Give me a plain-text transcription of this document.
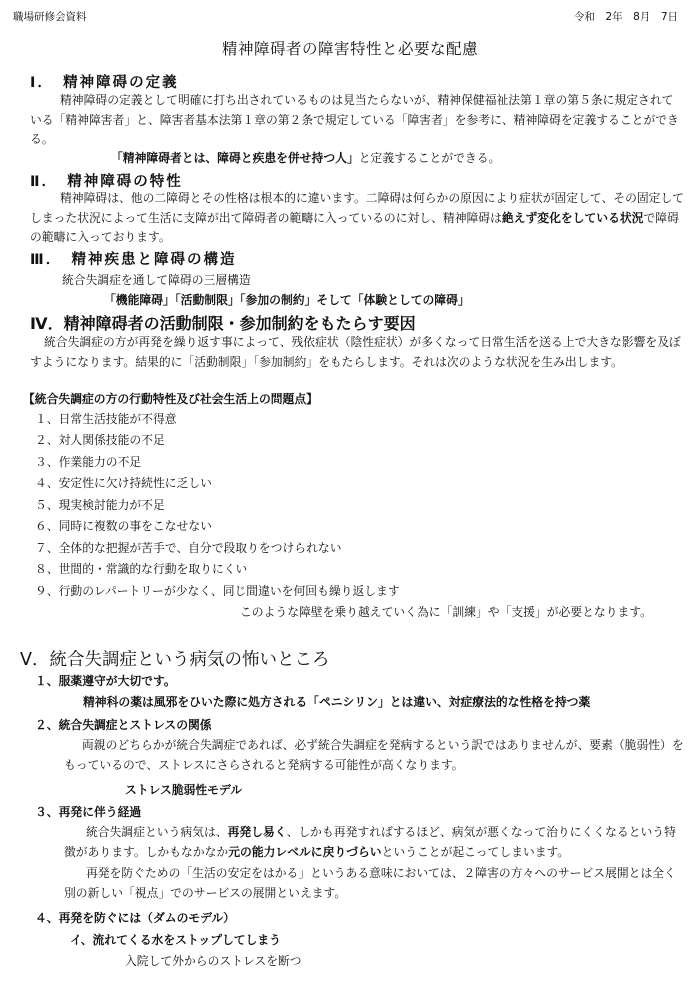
職場研修会資料	令和　2年　8月　7日
精神障碍者の障害特性と必要な配慮
Ⅰ．　精神障碍の定義
精神障碍の定義として明確に打ち出されているものは見当たらないが、精神保健福祉法第１章の第５条に規定されている「精神障害者」と、障害者基本法第１章の第２条で規定している「障害者」を参考に、精神障碍を定義することができる。
「精神障碍者とは、障碍と疾患を併せ持つ人」と定義することができる。
Ⅱ．　精神障碍の特性
精神障碍は、他の二障碍とその性格は根本的に違います。二障碍は何らかの原因により症状が固定して、その固定してしまった状況によって生活に支障が出て障碍者の範疇に入っているのに対し、精神障碍は絶えず変化をしている状況で障碍の範疇に入っております。
Ⅲ．　精神疾患と障碍の構造
統合失調症を通して障碍の三層構造
「機能障碍」「活動制限」「参加の制約」そして「体験としての障碍」
Ⅳ．精神障碍者の活動制限・参加制約をもたらす要因
統合失調症の方が再発を繰り返す事によって、残依症状（陰性症状）が多くなって日常生活を送る上で大きな影響を及ぼすようになります。結果的に「活動制限」「参加制約」をもたらします。それは次のような状況を生み出します。
【統合失調症の方の行動特性及び社会生活上の問題点】
１、日常生活技能が不得意
２、対人関係技能の不足
３、作業能力の不足
４、安定性に欠け持続性に乏しい
５、現実検討能力が不足
６、同時に複数の事をこなせない
７、全体的な把握が苦手で、自分で段取りをつけられない
８、世間的・常識的な行動を取りにくい
９、行動のレパートリーが少なく、同じ間違いを何回も繰り返します
このような障壁を乗り越えていく為に「訓練」や「支援」が必要となります。
Ⅴ．統合失調症という病気の怖いところ
１、服薬遵守が大切です。
精神科の薬は風邪をひいた際に処方される「ペニシリン」とは違い、対症療法的な性格を持つ薬
２、統合失調症とストレスの関係
両親のどちらかが統合失調症であれば、必ず統合失調症を発病するという訳ではありませんが、要素（脆弱性）をもっているので、ストレスにさらされると発病する可能性が高くなります。
ストレス脆弱性モデル
３、再発に伴う経過
統合失調症という病気は、再発し易く、しかも再発すればするほど、病気が悪くなって治りにくくなるという特徴があります。しかもなかなか元の能力レベルに戻りづらいということが起こってしまいます。
再発を防ぐための「生活の安定をはかる」というある意味においては、２障害の方々へのサービス展開とは全く別の新しい「視点」でのサービスの展開といえます。
４、再発を防ぐには（ダムのモデル）
イ、流れてくる水をストップしてしまう
入院して外からのストレスを断つ
